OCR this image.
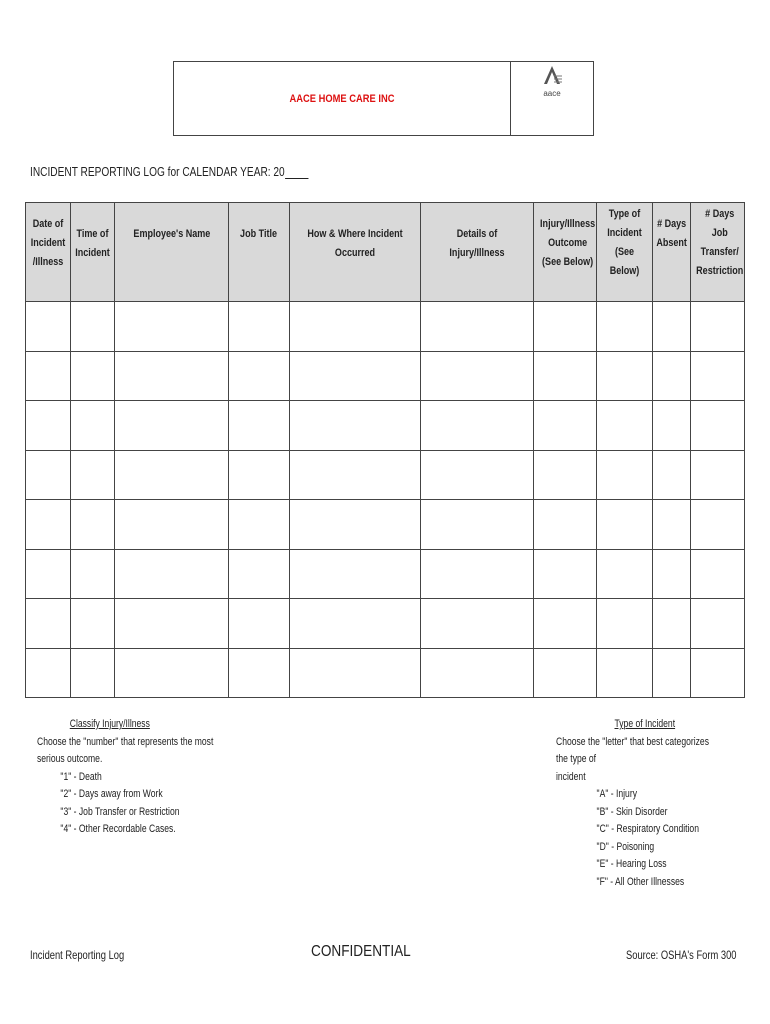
AACE HOME CARE INC	aace
INCIDENT REPORTING LOG for CALENDAR YEAR: 20
Date of Incident /Illness	Time of Incident	Employee's Name	Job Title	How & Where Incident Occurred	Details of Injury/Illness	Injury/Illness Outcome (See Below)	Type of Incident (See Below)	# Days Absent	# Days Job Transfer/ Restriction

Classify Injury/Illness
Choose the "number" that represents the most
serious outcome.
"1" - Death
"2" - Days away from Work
"3" - Job Transfer or Restriction
"4" - Other Recordable Cases.
Type of Incident
Choose the "letter" that best categorizes the type of
incident
"A" - Injury
"B" - Skin Disorder
"C" - Respiratory Condition
"D" - Poisoning
"E" - Hearing Loss
"F" - All Other Illnesses
Incident Reporting Log	CONFIDENTIAL	Source: OSHA's Form 300
